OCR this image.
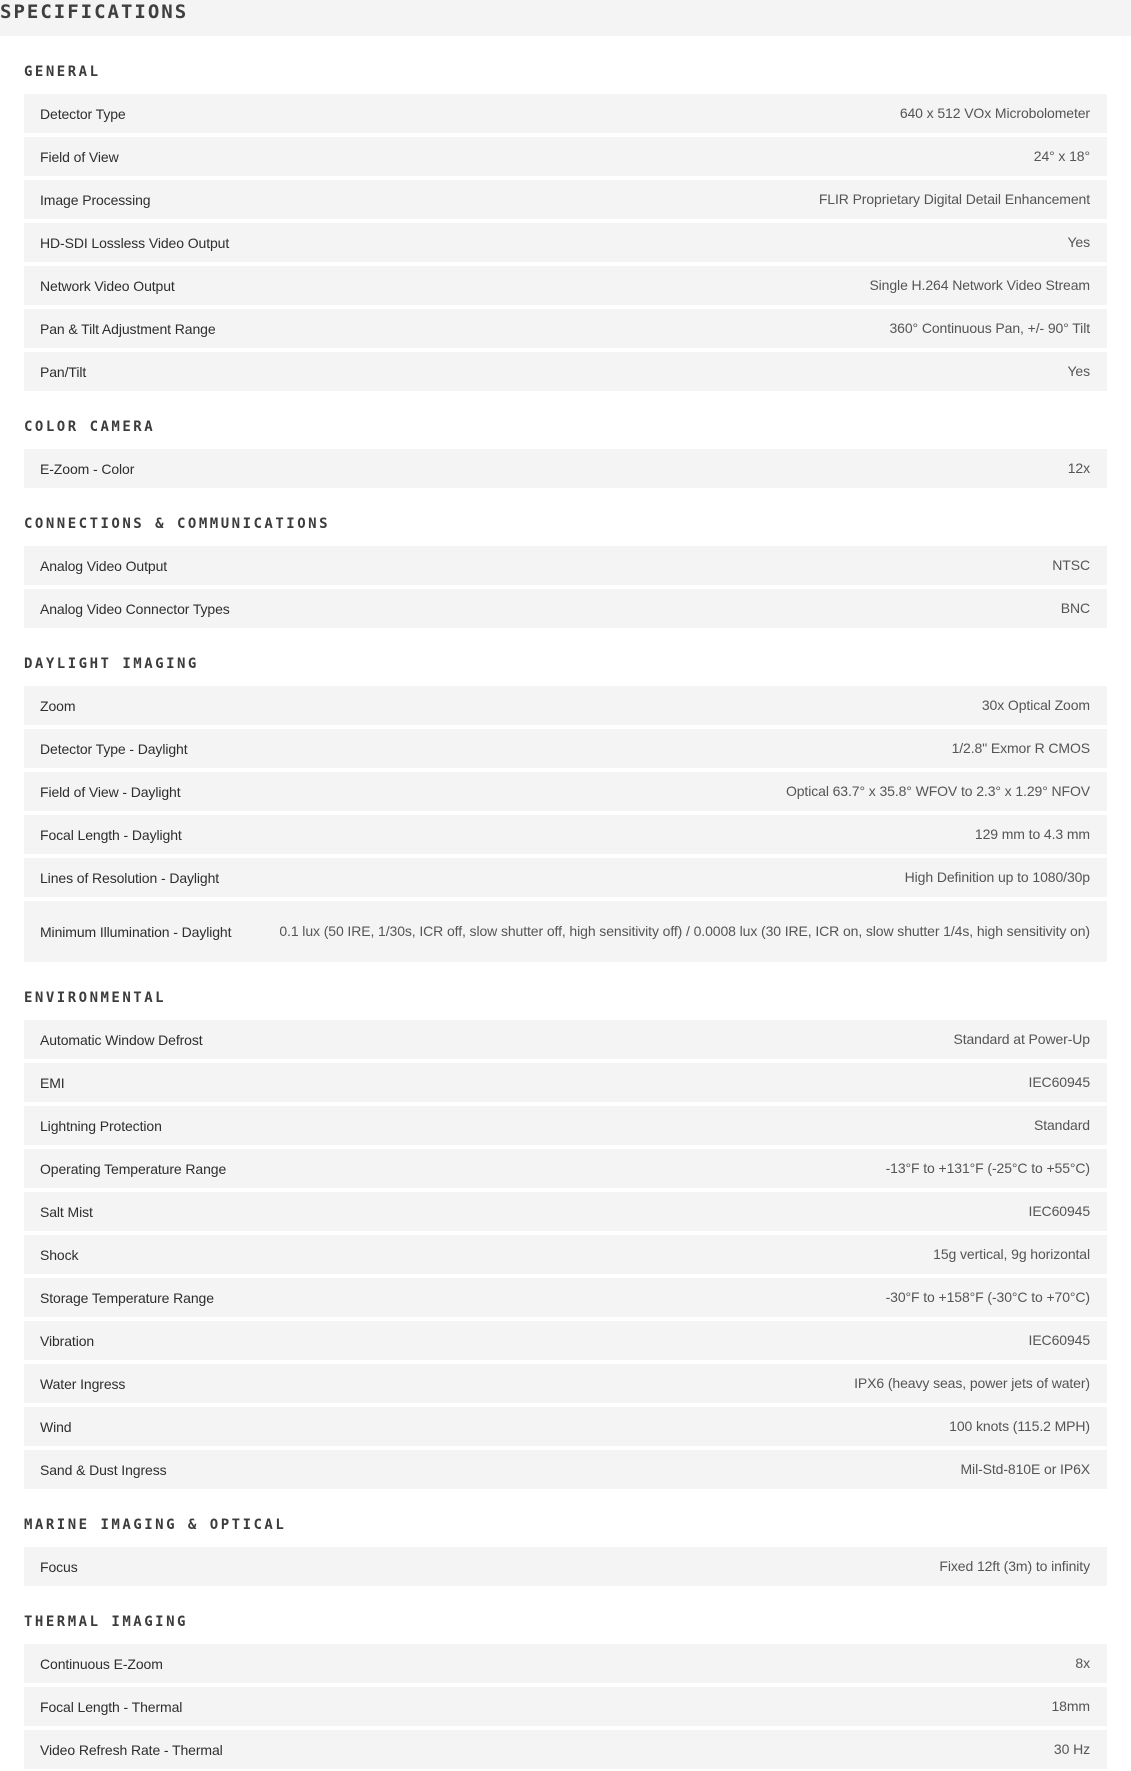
SPECIFICATIONS
GENERAL
Detector Type	640 x 512 VOx Microbolometer
Field of View	24° x 18°
Image Processing	FLIR Proprietary Digital Detail Enhancement
HD-SDI Lossless Video Output	Yes
Network Video Output	Single H.264 Network Video Stream
Pan & Tilt Adjustment Range	360° Continuous Pan, +/- 90° Tilt
Pan/Tilt	Yes
COLOR CAMERA
E-Zoom - Color	12x
CONNECTIONS & COMMUNICATIONS
Analog Video Output	NTSC
Analog Video Connector Types	BNC
DAYLIGHT IMAGING
Zoom	30x Optical Zoom
Detector Type - Daylight	1/2.8" Exmor R CMOS
Field of View - Daylight	Optical 63.7° x 35.8° WFOV to 2.3° x 1.29° NFOV
Focal Length - Daylight	129 mm to 4.3 mm
Lines of Resolution - Daylight	High Definition up to 1080/30p
Minimum Illumination - Daylight	0.1 lux (50 IRE, 1/30s, ICR off, slow shutter off, high sensitivity off) / 0.0008 lux (30 IRE, ICR on, slow shutter 1/4s, high sensitivity on)
ENVIRONMENTAL
Automatic Window Defrost	Standard at Power-Up
EMI	IEC60945
Lightning Protection	Standard
Operating Temperature Range	-13°F to +131°F (-25°C to +55°C)
Salt Mist	IEC60945
Shock	15g vertical, 9g horizontal
Storage Temperature Range	-30°F to +158°F (-30°C to +70°C)
Vibration	IEC60945
Water Ingress	IPX6 (heavy seas, power jets of water)
Wind	100 knots (115.2 MPH)
Sand & Dust Ingress	Mil-Std-810E or IP6X
MARINE IMAGING & OPTICAL
Focus	Fixed 12ft (3m) to infinity
THERMAL IMAGING
Continuous E-Zoom	8x
Focal Length - Thermal	18mm
Video Refresh Rate - Thermal	30 Hz
